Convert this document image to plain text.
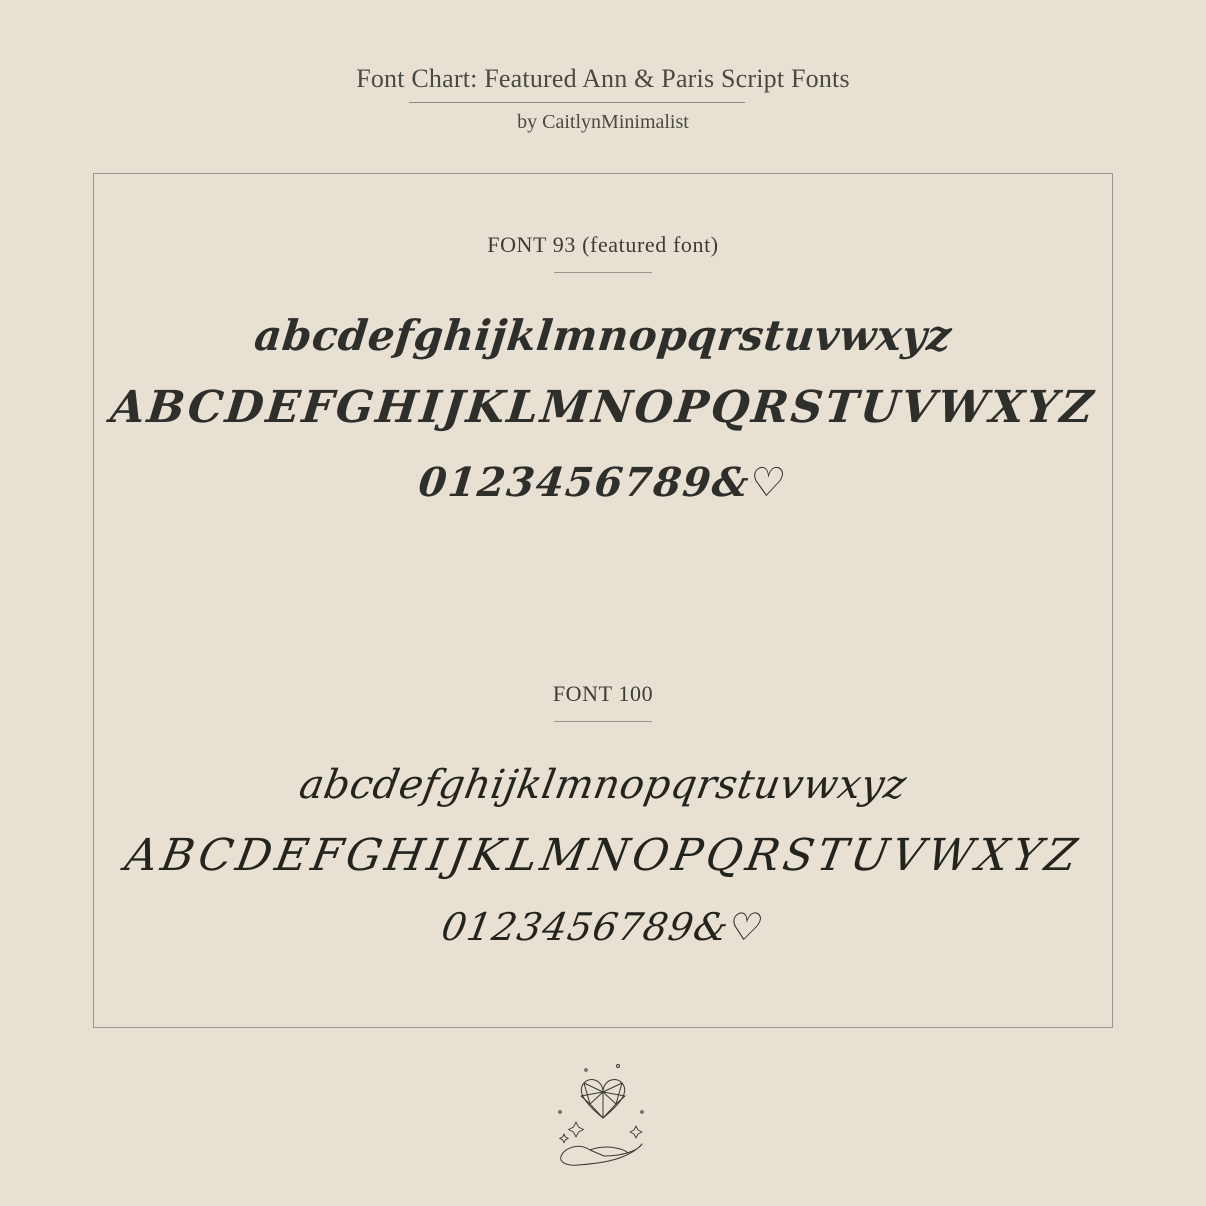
Font Chart: Featured Ann & Paris Script Fonts
by CaitlynMinimalist
FONT 93 (featured font)
abcdefghijklmnopqrstuvwxyz
ABCDEFGHIJKLMNOPQRSTUVWXYZ
0123456789&♡
FONT 100
abcdefghijklmnopqrstuvwxyz
ABCDEFGHIJKLMNOPQRSTUVWXYZ
0123456789&♡
